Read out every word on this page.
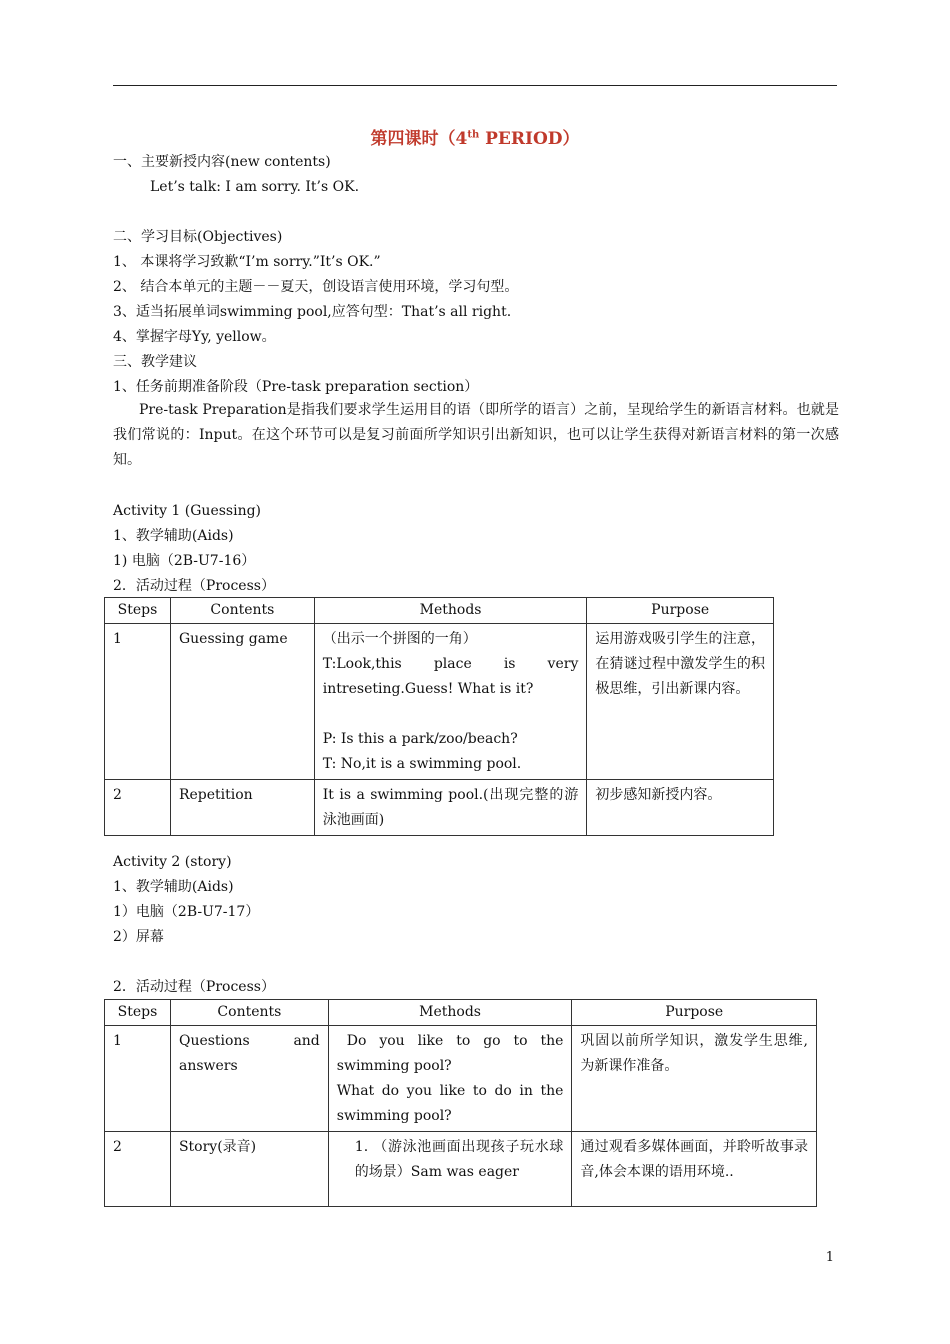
第四课时（4th PERIOD）
一、主要新授内容(new contents)
Let’s talk: I am sorry. It’s OK.
二、学习目标(Objectives)
1、 本课将学习致歉“I’m sorry.”It’s OK.”
2、 结合本单元的主题－－夏天，创设语言使用环境，学习句型。
3、适当拓展单词swimming pool,应答句型：That’s all right.
4、掌握字母Yy, yellow。
三、教学建议
1、任务前期准备阶段（Pre-task preparation section）
Pre-task Preparation是指我们要求学生运用目的语（即所学的语言）之前，呈现给学生的新语言材料。也就是我们常说的：Input。在这个环节可以是复习前面所学知识引出新知识，也可以让学生获得对新语言材料的第一次感知。
Activity 1 (Guessing)
1、教学辅助(Aids)
1) 电脑（2B-U7-16）
2．活动过程（Process）
Steps	Contents	Methods	Purpose
1	Guessing game	（出示一个拼图的一角）
T:Look,this place is very intreseting.Guess! What is it?
P: Is this a park/zoo/beach?
T: No,it is a swimming pool.	运用游戏吸引学生的注意，在猜谜过程中激发学生的积极思维，引出新课内容。
2	Repetition	It is a swimming pool.(出现完整的游泳池画面)	初步感知新授内容。
Activity 2 (story)
1、教学辅助(Aids)
1）电脑（2B-U7-17）
2）屏幕
2．活动过程（Process）
Steps	Contents	Methods	Purpose
1	Questions and answers	Do you like to go to the swimming pool?
What do you like to do in the swimming pool?	巩固以前所学知识，激发学生思维,为新课作准备。
2	Story(录音)	1. （游泳池画面出现孩子玩水球的场景）Sam was eager	通过观看多媒体画面，并聆听故事录音,体会本课的语用环境..
1
